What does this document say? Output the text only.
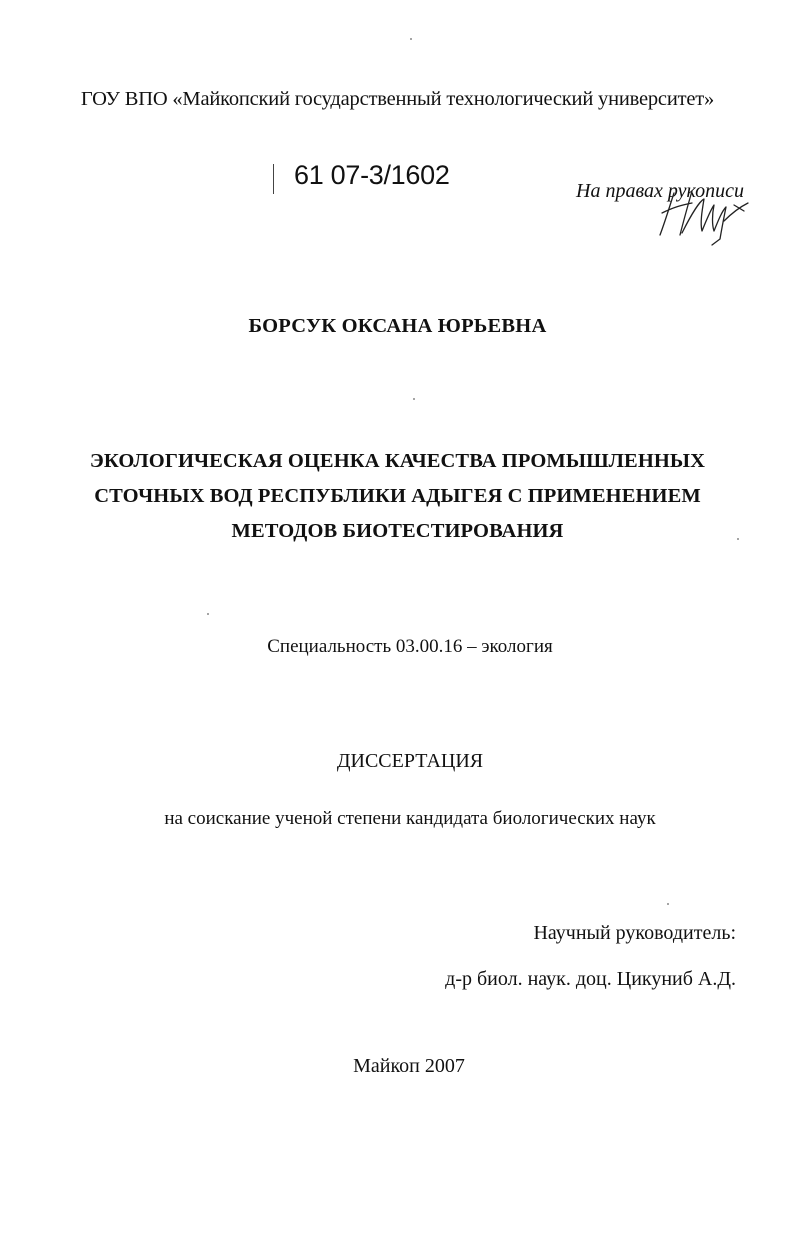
ГОУ ВПО «Майкопский государственный технологический университет»
61 07-3/1602
На правах рукописи
БОРСУК ОКСАНА ЮРЬЕВНА
ЭКОЛОГИЧЕСКАЯ ОЦЕНКА КАЧЕСТВА ПРОМЫШЛЕННЫХ
СТОЧНЫХ ВОД РЕСПУБЛИКИ АДЫГЕЯ С ПРИМЕНЕНИЕМ
МЕТОДОВ БИОТЕСТИРОВАНИЯ
Специальность 03.00.16 – экология
ДИССЕРТАЦИЯ
на соискание ученой степени кандидата биологических наук
Научный руководитель:
д-р биол. наук. доц. Цикуниб А.Д.
Майкоп 2007
